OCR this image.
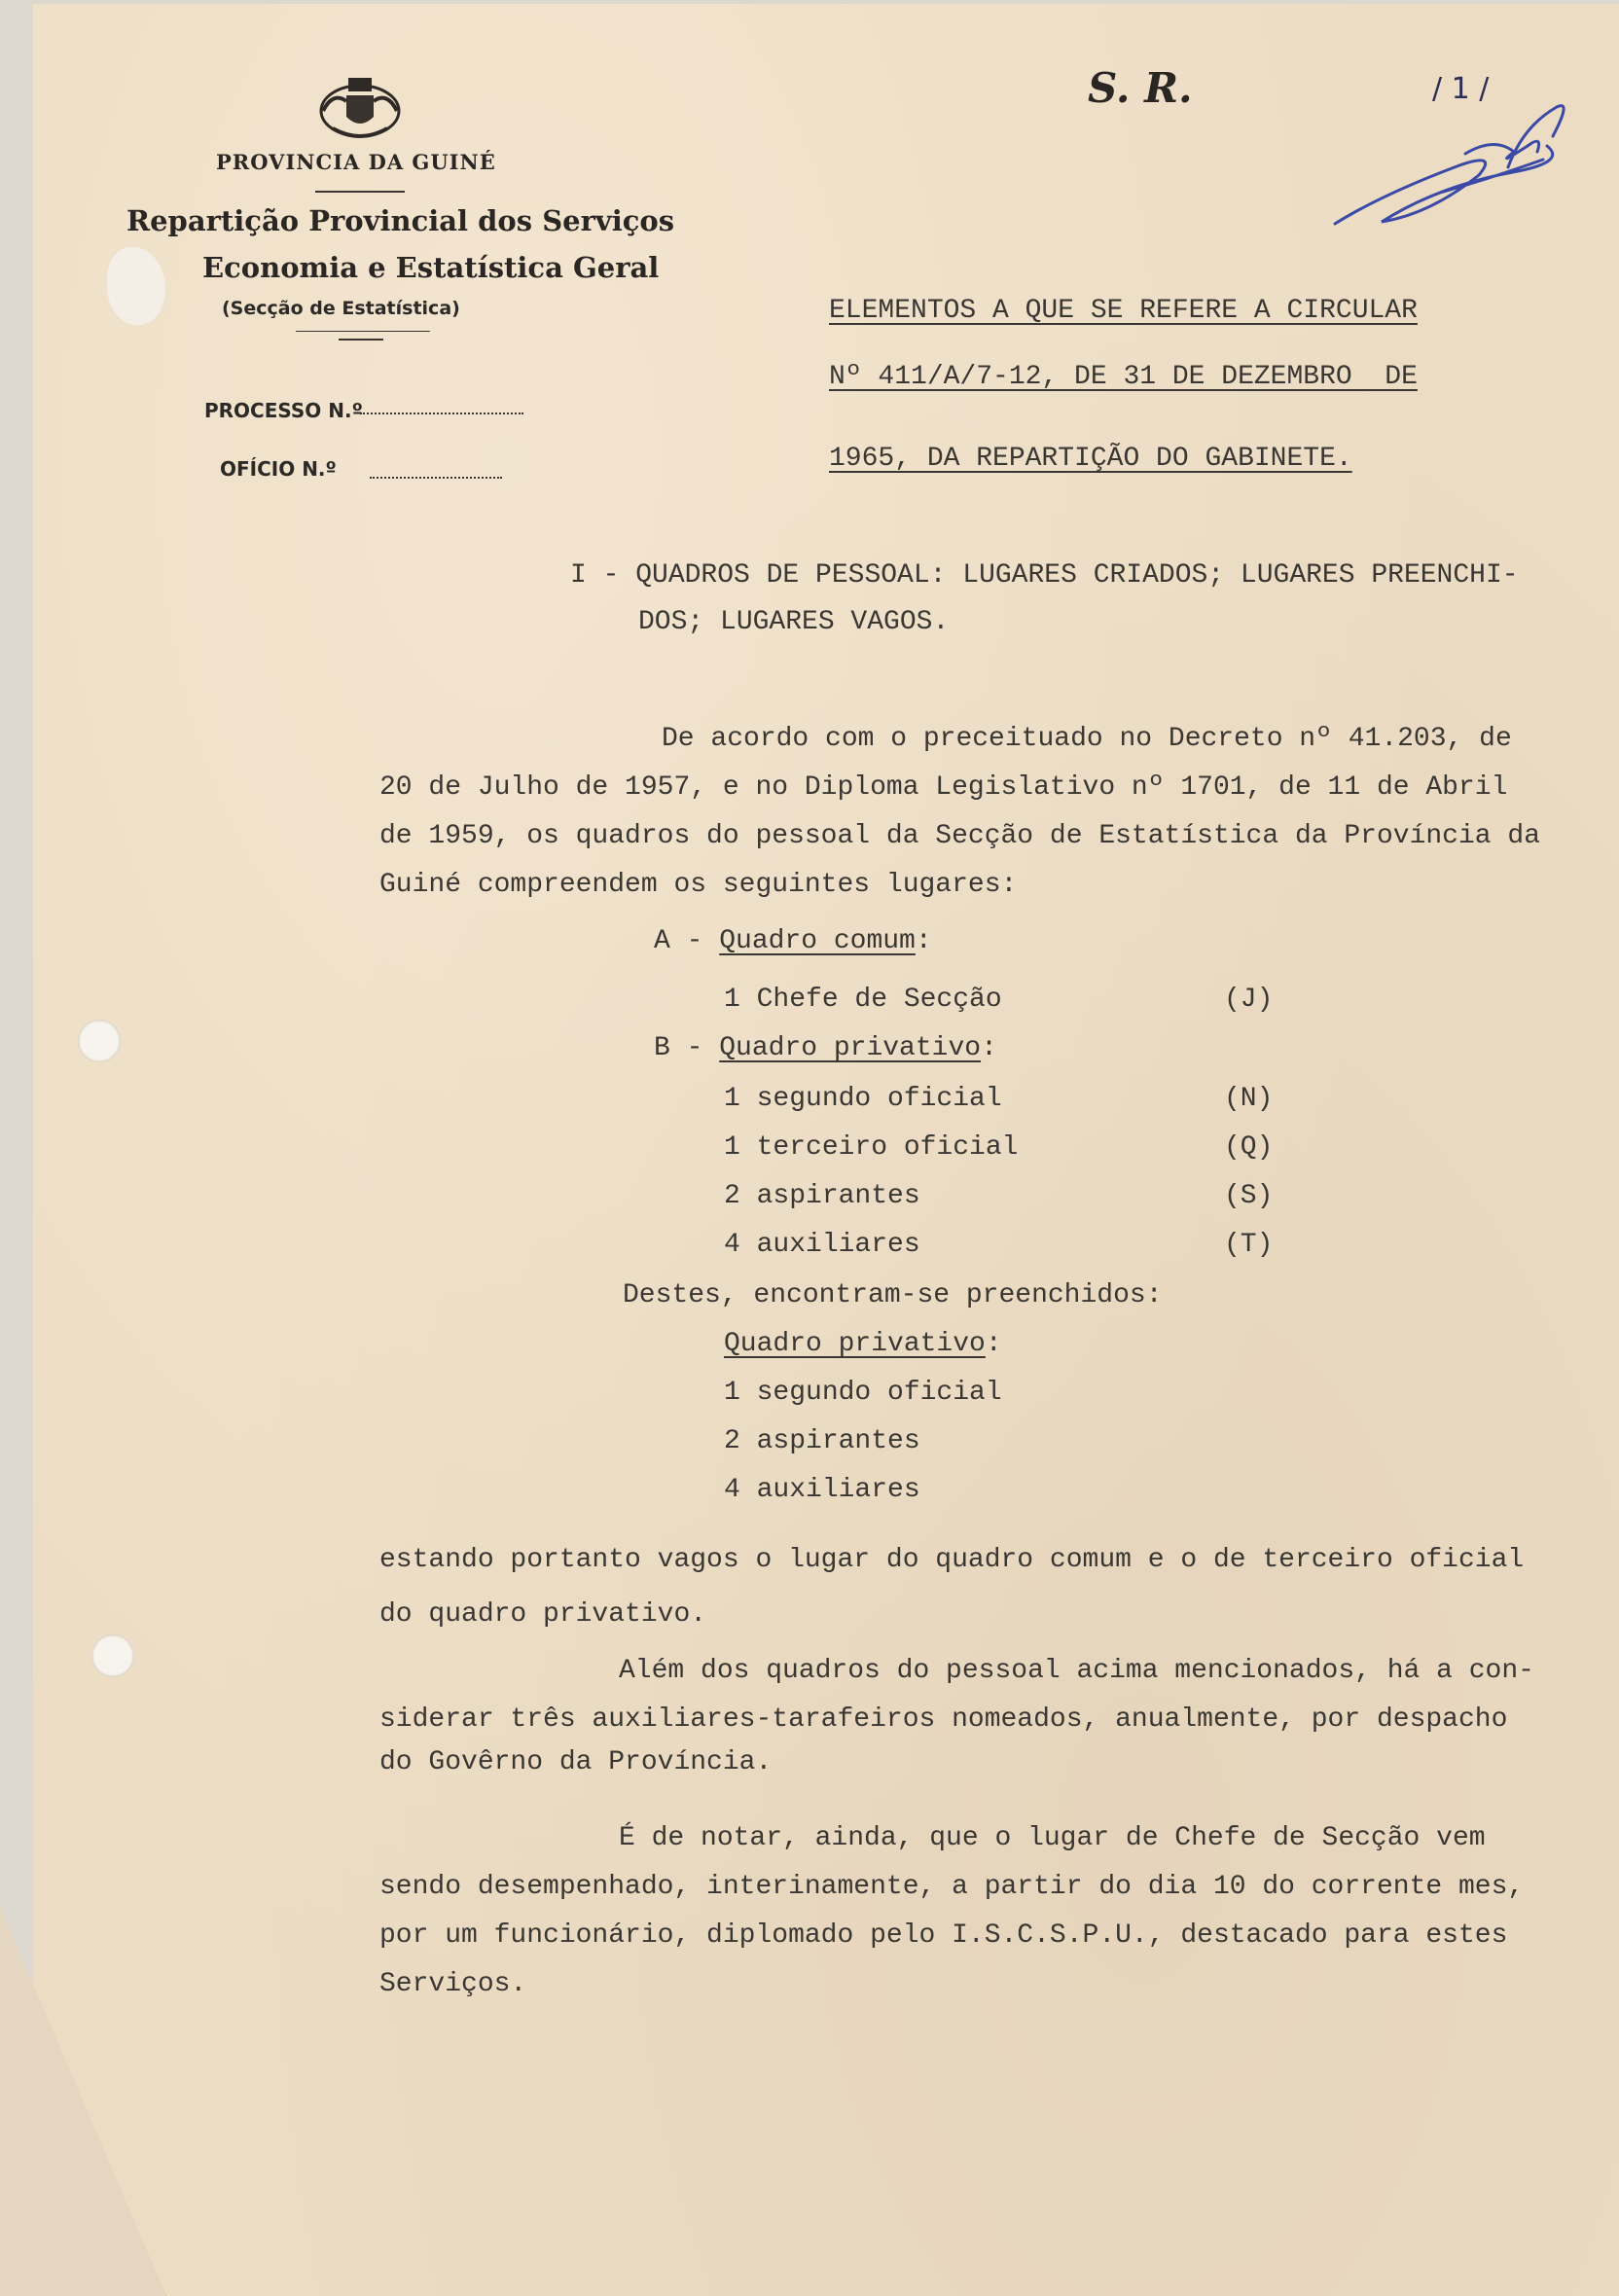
PROVINCIA DA GUINÉ
Repartição Provincial dos Serviços
Economia e Estatística Geral
(Secção de Estatística)
PROCESSO N.º
OFÍCIO N.º
S. R.	/ 1 /
ELEMENTOS A QUE SE REFERE A CIRCULAR
Nº 411/A/7-12, DE 31 DE DEZEMBRO  DE
1965, DA REPARTIÇÃO DO GABINETE.
I - QUADROS DE PESSOAL: LUGARES CRIADOS; LUGARES PREENCHI-
DOS; LUGARES VAGOS.
De acordo com o preceituado no Decreto nº 41.203, de
20 de Julho de 1957, e no Diploma Legislativo nº 1701, de 11 de Abril
de 1959, os quadros do pessoal da Secção de Estatística da Província da
Guiné compreendem os seguintes lugares:
A - Quadro comum:
1 Chefe de Secção	(J)
B - Quadro privativo:
1 segundo oficial	(N)
1 terceiro oficial	(Q)
2 aspirantes	(S)
4 auxiliares	(T)
Destes, encontram-se preenchidos:
Quadro privativo:
1 segundo oficial
2 aspirantes
4 auxiliares
estando portanto vagos o lugar do quadro comum e o de terceiro oficial
do quadro privativo.
Além dos quadros do pessoal acima mencionados, há a con-
siderar três auxiliares-tarafeiros nomeados, anualmente, por despacho
do Govêrno da Província.
É de notar, ainda, que o lugar de Chefe de Secção vem
sendo desempenhado, interinamente, a partir do dia 10 do corrente mes,
por um funcionário, diplomado pelo I.S.C.S.P.U., destacado para estes
Serviços.
